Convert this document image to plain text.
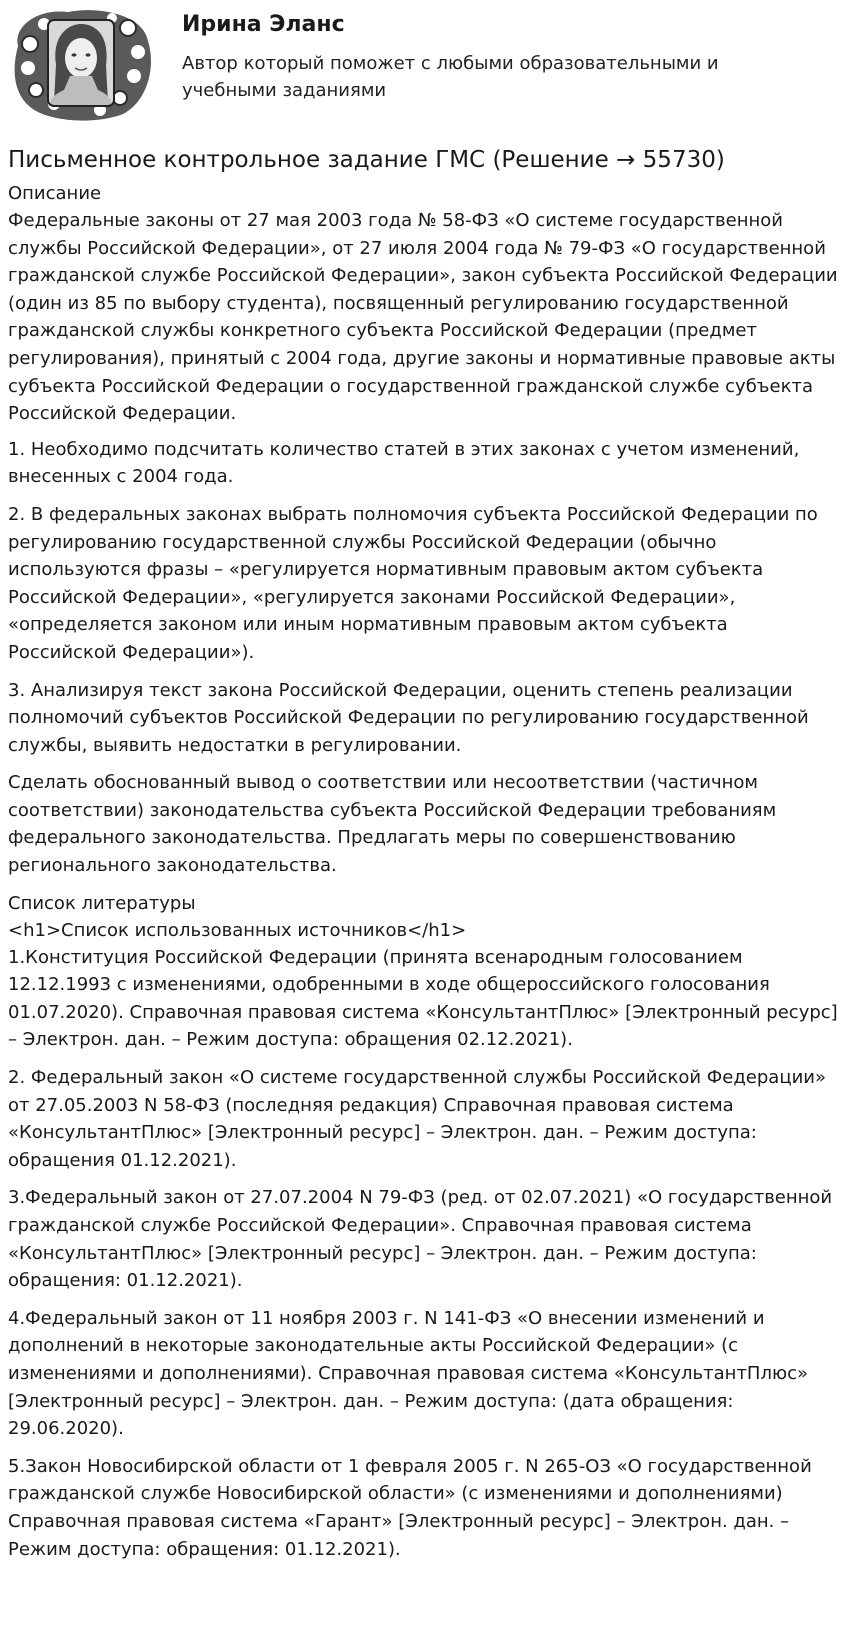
Ирина Эланс

Автор который поможет с любыми образовательными и учебными заданиями

Письменное контрольное задание ГМС (Решение → 55730)
Описание

Федеральные законы от 27 мая 2003 года № 58-ФЗ «О системе государственной службы Российской Федерации», от 27 июля 2004 года № 79-ФЗ «О государственной гражданской службе Российской Федерации», закон субъекта Российской Федерации (один из 85 по выбору студента), посвященный регулированию государственной гражданской службы конкретного субъекта Российской Федерации (предмет регулирования), принятый с 2004 года, другие законы и нормативные правовые акты субъекта Российской Федерации о государственной гражданской службе субъекта Российской Федерации.

1. Необходимо подсчитать количество статей в этих законах с учетом изменений, внесенных с 2004 года.

2. В федеральных законах выбрать полномочия субъекта Российской Федерации по регулированию государственной службы Российской Федерации (обычно используются фразы – «регулируется нормативным правовым актом субъекта Российской Федерации», «регулируется законами Российской Федерации», «определяется законом или иным нормативным правовым актом субъекта Российской Федерации»).

3. Анализируя текст закона Российской Федерации, оценить степень реализации полномочий субъектов Российской Федерации по регулированию государственной службы, выявить недостатки в регулировании.

Сделать обоснованный вывод о соответствии или несоответствии (частичном соответствии) законодательства субъекта Российской Федерации требованиям федерального законодательства. Предлагать меры по совершенствованию регионального законодательства.

Список литературы
<h1>Список использованных источников</h1>

1.Конституция Российской Федерации (принята всенародным голосованием 12.12.1993 с изменениями, одобренными в ходе общероссийского голосования 01.07.2020). Справочная правовая система «КонсультантПлюс» [Электронный ресурс] – Электрон. дан. – Режим доступа: обращения 02.12.2021).

2. Федеральный закон «О системе государственной службы Российской Федерации» от 27.05.2003 N 58-ФЗ (последняя редакция) Справочная правовая система «КонсультантПлюс» [Электронный ресурс] – Электрон. дан. – Режим доступа: обращения 01.12.2021).

3.Федеральный закон от 27.07.2004 N 79-ФЗ (ред. от 02.07.2021) «О государственной гражданской службе Российской Федерации». Справочная правовая система «КонсультантПлюс» [Электронный ресурс] – Электрон. дан. – Режим доступа: обращения: 01.12.2021).

4.Федеральный закон от 11 ноября 2003 г. N 141-ФЗ «О внесении изменений и дополнений в некоторые законодательные акты Российской Федерации» (с изменениями и дополнениями). Справочная правовая система «КонсультантПлюс» [Электронный ресурс] – Электрон. дан. – Режим доступа: (дата обращения: 29.06.2020).

5.Закон Новосибирской области от 1 февраля 2005 г. N 265-ОЗ «О государственной гражданской службе Новосибирской области» (с изменениями и дополнениями) Справочная правовая система «Гарант» [Электронный ресурс] – Электрон. дан. – Режим доступа: обращения: 01.12.2021).
